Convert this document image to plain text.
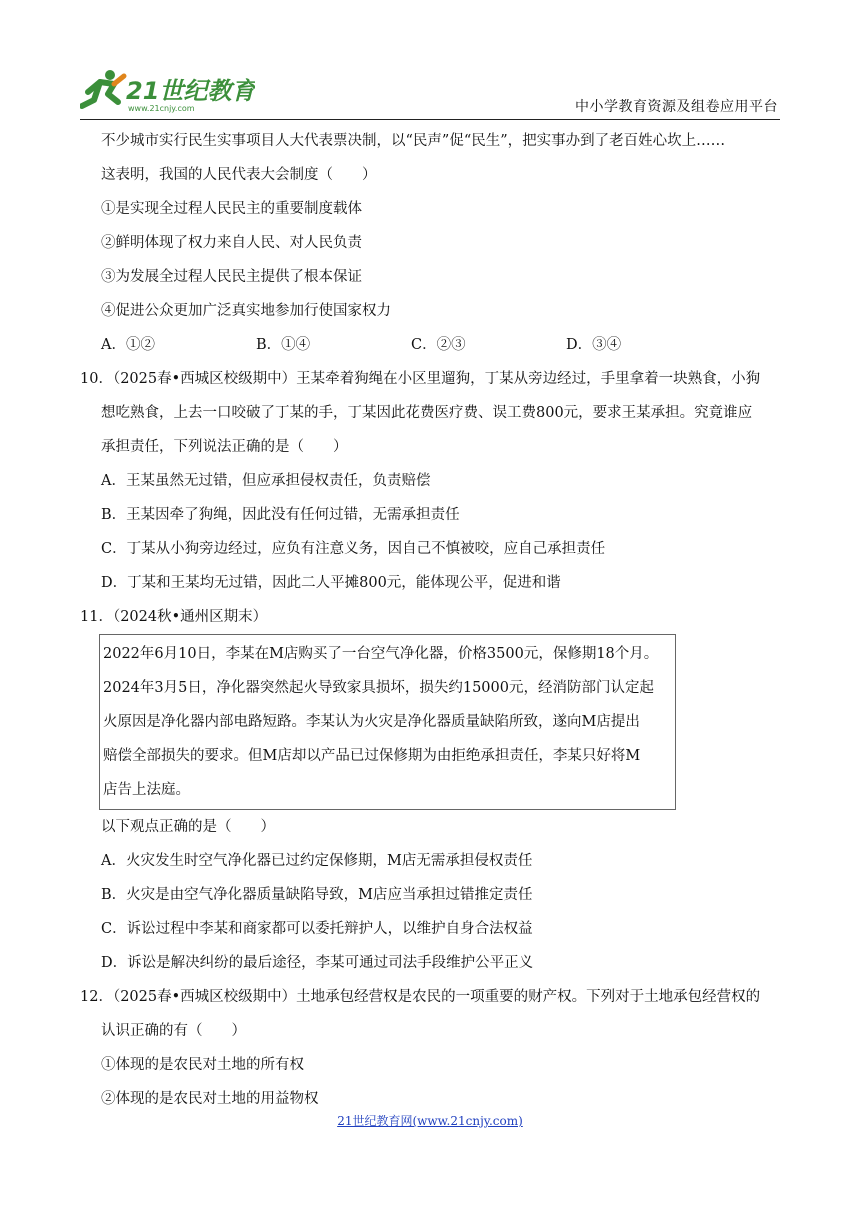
21世纪教育
www.21cnjy.com	中小学教育资源及组卷应用平台
不少城市实行民生实事项目人大代表票决制，以“民声”促“民生”，把实事办到了老百姓心坎上……
这表明，我国的人民代表大会制度（　　）
①是实现全过程人民民主的重要制度载体
②鲜明体现了权力来自人民、对人民负责
③为发展全过程人民民主提供了根本保证
④促进公众更加广泛真实地参加行使国家权力
A．①②	B．①④	C．②③	D．③④
10．（2025春•西城区校级期中）王某牵着狗绳在小区里遛狗，丁某从旁边经过，手里拿着一块熟食，小狗
想吃熟食，上去一口咬破了丁某的手，丁某因此花费医疗费、误工费800元，要求王某承担。究竟谁应
承担责任，下列说法正确的是（　　）
A．王某虽然无过错，但应承担侵权责任，负责赔偿
B．王某因牵了狗绳，因此没有任何过错，无需承担责任
C．丁某从小狗旁边经过，应负有注意义务，因自己不慎被咬，应自己承担责任
D．丁某和王某均无过错，因此二人平摊800元，能体现公平，促进和谐
11．（2024秋•通州区期末）
2022年6月10日，李某在M店购买了一台空气净化器，价格3500元，保修期18个月。
2024年3月5日，净化器突然起火导致家具损坏，损失约15000元，经消防部门认定起
火原因是净化器内部电路短路。李某认为火灾是净化器质量缺陷所致，遂向M店提出
赔偿全部损失的要求。但M店却以产品已过保修期为由拒绝承担责任，李某只好将M
店告上法庭。
以下观点正确的是（　　）
A．火灾发生时空气净化器已过约定保修期，M店无需承担侵权责任
B．火灾是由空气净化器质量缺陷导致，M店应当承担过错推定责任
C．诉讼过程中李某和商家都可以委托辩护人，以维护自身合法权益
D．诉讼是解决纠纷的最后途径，李某可通过司法手段维护公平正义
12．（2025春•西城区校级期中）土地承包经营权是农民的一项重要的财产权。下列对于土地承包经营权的
认识正确的有（　　）
①体现的是农民对土地的所有权
②体现的是农民对土地的用益物权
21世纪教育网(www.21cnjy.com)
